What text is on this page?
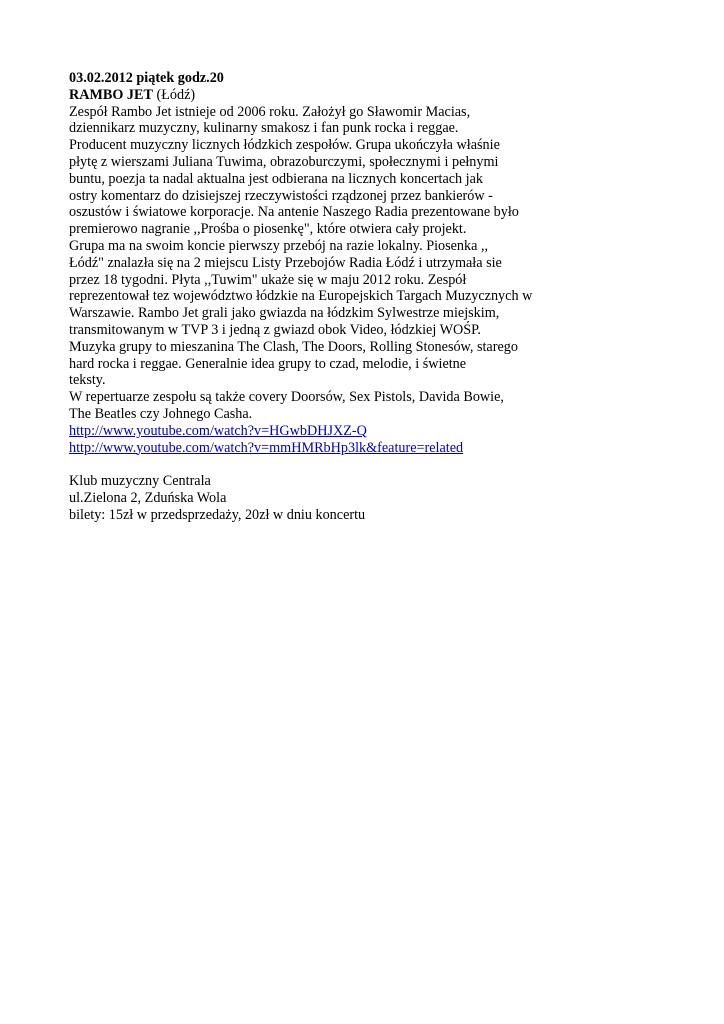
03.02.2012 piątek godz.20
RAMBO JET (Łódź)
Zespół Rambo Jet istnieje od 2006 roku. Założył go Sławomir Macias,
dziennikarz muzyczny, kulinarny smakosz i fan punk rocka i reggae.
Producent muzyczny licznych łódzkich zespołów. Grupa ukończyła właśnie
płytę z wierszami Juliana Tuwima, obrazoburczymi, społecznymi i pełnymi
buntu, poezja ta nadal aktualna jest odbierana na licznych koncertach jak
ostry komentarz do dzisiejszej rzeczywistości rządzonej przez bankierów -
oszustów i światowe korporacje. Na antenie Naszego Radia prezentowane było
premierowo nagranie ,,Prośba o piosenkę", które otwiera cały projekt.
Grupa ma na swoim koncie pierwszy przebój na razie lokalny. Piosenka ,,
Łódź" znalazła się na 2 miejscu Listy Przebojów Radia Łódź i utrzymała sie
przez 18 tygodni. Płyta ,,Tuwim" ukaże się w maju 2012 roku. Zespół
reprezentował tez województwo łódzkie na Europejskich Targach Muzycznych w
Warszawie. Rambo Jet grali jako gwiazda na łódzkim Sylwestrze miejskim,
transmitowanym w TVP 3 i jedną z gwiazd obok Video, łódzkiej WOŚP.
Muzyka grupy to mieszanina The Clash, The Doors, Rolling Stonesów, starego
hard rocka i reggae. Generalnie idea grupy to czad, melodie, i świetne
teksty.
W repertuarze zespołu są także covery Doorsów, Sex Pistols, Davida Bowie,
The Beatles czy Johnego Casha.
http://www.youtube.com/watch?v=HGwbDHJXZ-Q
http://www.youtube.com/watch?v=mmHMRbHp3lk&feature=related
Klub muzyczny Centrala
ul.Zielona 2, Zduńska Wola
bilety: 15zł w przedsprzedaży, 20zł w dniu koncertu
